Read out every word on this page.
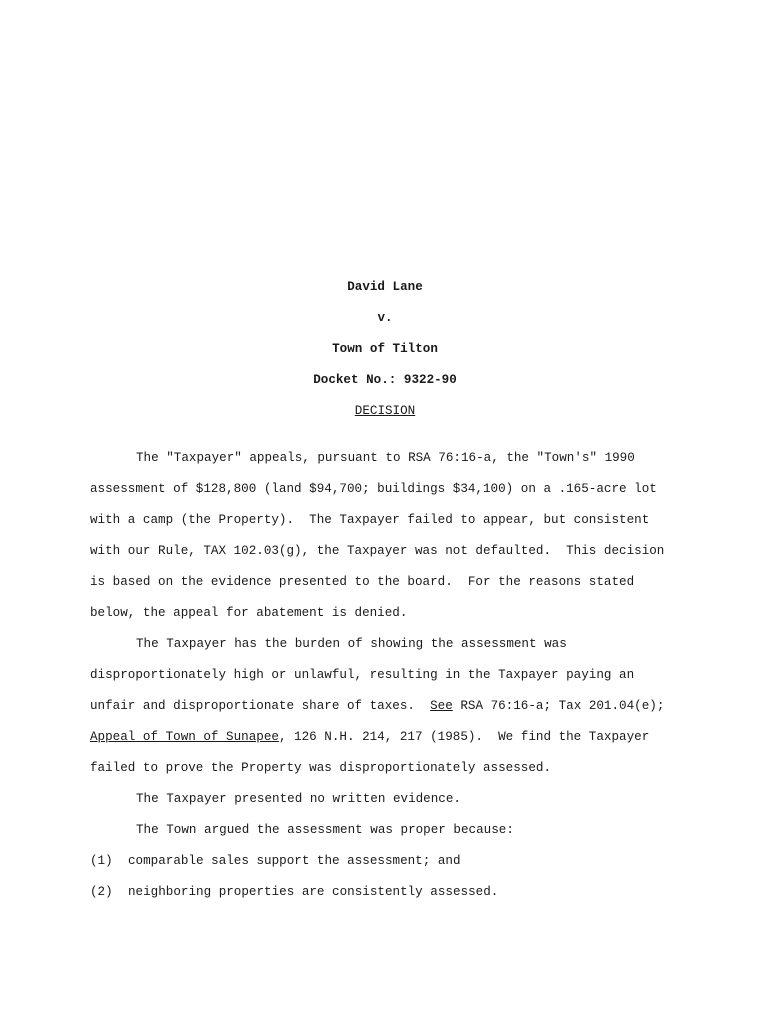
David Lane
v.
Town of Tilton
Docket No.: 9322-90
DECISION
The "Taxpayer" appeals, pursuant to RSA 76:16-a, the "Town's" 1990
assessment of $128,800 (land $94,700; buildings $34,100) on a .165-acre lot
with a camp (the Property).  The Taxpayer failed to appear, but consistent
with our Rule, TAX 102.03(g), the Taxpayer was not defaulted.  This decision
is based on the evidence presented to the board.  For the reasons stated
below, the appeal for abatement is denied.
The Taxpayer has the burden of showing the assessment was
disproportionately high or unlawful, resulting in the Taxpayer paying an
unfair and disproportionate share of taxes.  See RSA 76:16-a; Tax 201.04(e);
Appeal of Town of Sunapee, 126 N.H. 214, 217 (1985).  We find the Taxpayer
failed to prove the Property was disproportionately assessed.
The Taxpayer presented no written evidence.
The Town argued the assessment was proper because:
(1) comparable sales support the assessment; and
(2) neighboring properties are consistently assessed.
